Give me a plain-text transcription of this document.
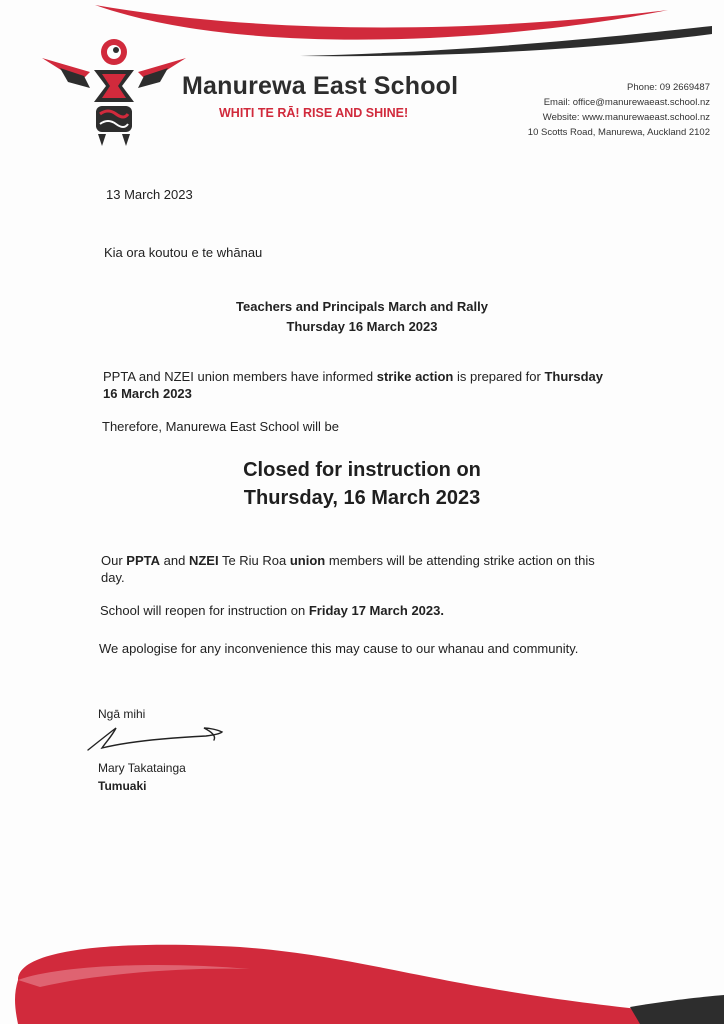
Manurewa East School
WHITI TE RĀ! RISE AND SHINE!
Phone: 09 2669487
Email: office@manurewaeast.school.nz
Website: www.manurewaeast.school.nz
10 Scotts Road, Manurewa, Auckland 2102
13 March 2023
Kia ora koutou e te whānau
Teachers and Principals March and Rally
Thursday 16 March 2023
PPTA and NZEI union members have informed strike action is prepared for Thursday 16 March 2023
Therefore, Manurewa East School will be
Closed for instruction on
Thursday, 16 March 2023
Our PPTA and NZEI Te Riu Roa union members will be attending strike action on this day.
School will reopen for instruction on Friday 17 March 2023.
We apologise for any inconvenience this may cause to our whanau and community.
Ngā mihi
Mary Takatainga
Tumuaki
